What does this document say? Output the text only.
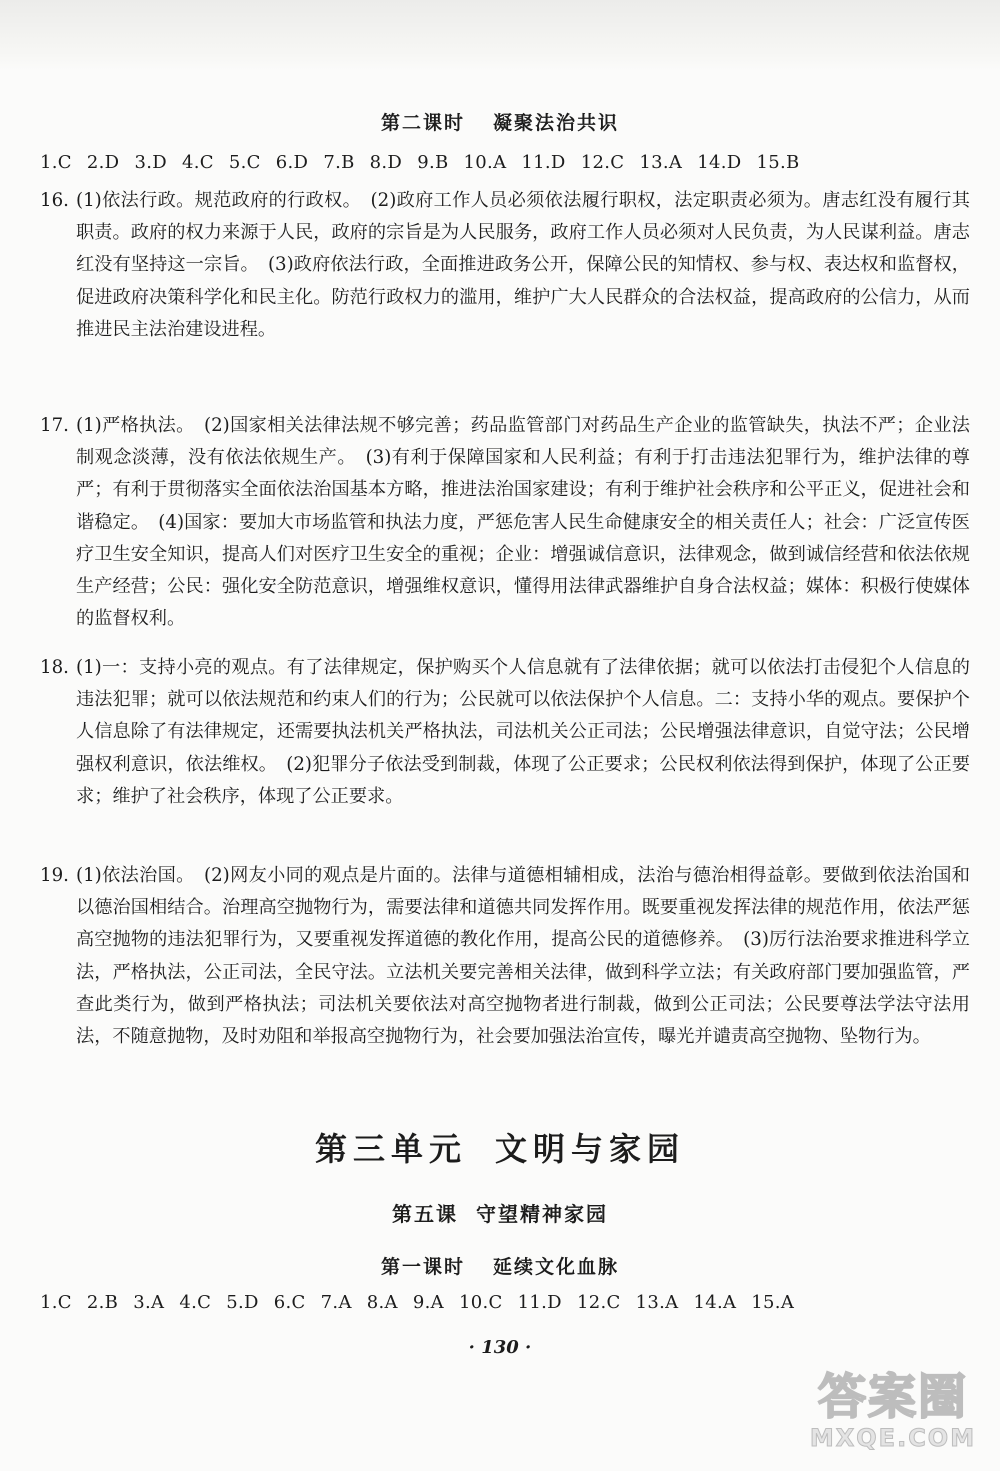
第二课时 凝聚法治共识
1.C 2.D 3.D 4.C 5.C 6.D 7.B 8.D 9.B 10.A 11.D 12.C 13.A 14.D 15.B
16. (1)依法行政。规范政府的行政权。　(2)政府工作人员必须依法履行职权，法定职责必须为。唐志红没有履行其职责。政府的权力来源于人民，政府的宗旨是为人民服务，政府工作人员必须对人民负责，为人民谋利益。唐志红没有坚持这一宗旨。　(3)政府依法行政，全面推进政务公开，保障公民的知情权、参与权、表达权和监督权，促进政府决策科学化和民主化。防范行政权力的滥用，维护广大人民群众的合法权益，提高政府的公信力，从而推进民主法治建设进程。
17. (1)严格执法。　(2)国家相关法律法规不够完善；药品监管部门对药品生产企业的监管缺失，执法不严；企业法制观念淡薄，没有依法依规生产。　(3)有利于保障国家和人民利益；有利于打击违法犯罪行为，维护法律的尊严；有利于贯彻落实全面依法治国基本方略，推进法治国家建设；有利于维护社会秩序和公平正义，促进社会和谐稳定。　(4)国家：要加大市场监管和执法力度，严惩危害人民生命健康安全的相关责任人；社会：广泛宣传医疗卫生安全知识，提高人们对医疗卫生安全的重视；企业：增强诚信意识，法律观念，做到诚信经营和依法依规生产经营；公民：强化安全防范意识，增强维权意识，懂得用法律武器维护自身合法权益；媒体：积极行使媒体的监督权利。
18. (1)一：支持小亮的观点。有了法律规定，保护购买个人信息就有了法律依据；就可以依法打击侵犯个人信息的违法犯罪；就可以依法规范和约束人们的行为；公民就可以依法保护个人信息。二：支持小华的观点。要保护个人信息除了有法律规定，还需要执法机关严格执法，司法机关公正司法；公民增强法律意识，自觉守法；公民增强权利意识，依法维权。　(2)犯罪分子依法受到制裁，体现了公正要求；公民权利依法得到保护，体现了公正要求；维护了社会秩序，体现了公正要求。
19. (1)依法治国。　(2)网友小同的观点是片面的。法律与道德相辅相成，法治与德治相得益彰。要做到依法治国和以德治国相结合。治理高空抛物行为，需要法律和道德共同发挥作用。既要重视发挥法律的规范作用，依法严惩高空抛物的违法犯罪行为，又要重视发挥道德的教化作用，提高公民的道德修养。　(3)厉行法治要求推进科学立法，严格执法，公正司法，全民守法。立法机关要完善相关法律，做到科学立法；有关政府部门要加强监管，严查此类行为，做到严格执法；司法机关要依法对高空抛物者进行制裁，做到公正司法；公民要尊法学法守法用法，不随意抛物，及时劝阻和举报高空抛物行为，社会要加强法治宣传，曝光并谴责高空抛物、坠物行为。
第三单元 文明与家园
第五课 守望精神家园
第一课时 延续文化血脉
1.C 2.B 3.A 4.C 5.D 6.C 7.A 8.A 9.A 10.C 11.D 12.C 13.A 14.A 15.A
· 130 ·
答案圈
MXQE.COM
